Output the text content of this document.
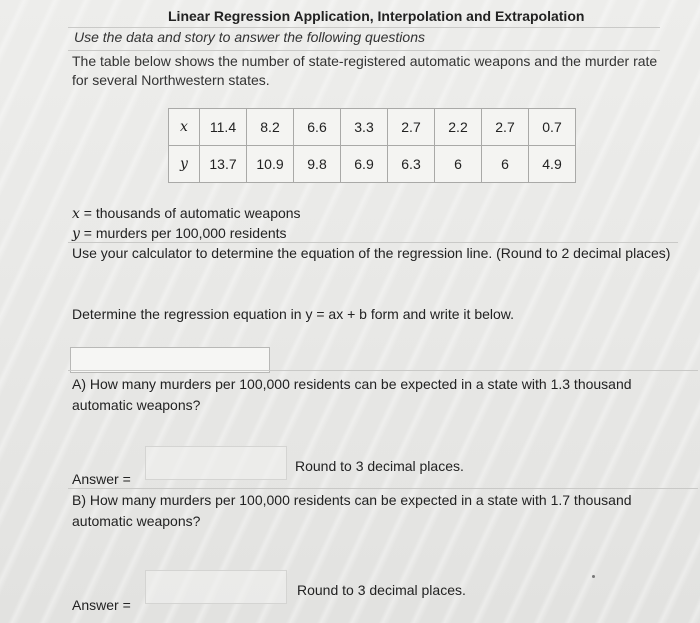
Linear Regression Application, Interpolation and Extrapolation
Use the data and story to answer the following questions
The table below shows the number of state-registered automatic weapons and the murder rate for several Northwestern states.
x	11.4	8.2	6.6	3.3	2.7	2.2	2.7	0.7
y	13.7	10.9	9.8	6.9	6.3	6	6	4.9
x = thousands of automatic weapons
y = murders per 100,000 residents
Use your calculator to determine the equation of the regression line. (Round to 2 decimal places)
Determine the regression equation in y = ax + b form and write it below.
A) How many murders per 100,000 residents can be expected in a state with 1.3 thousand automatic weapons?
Answer =
Round to 3 decimal places.
B) How many murders per 100,000 residents can be expected in a state with 1.7 thousand automatic weapons?
Answer =
Round to 3 decimal places.
